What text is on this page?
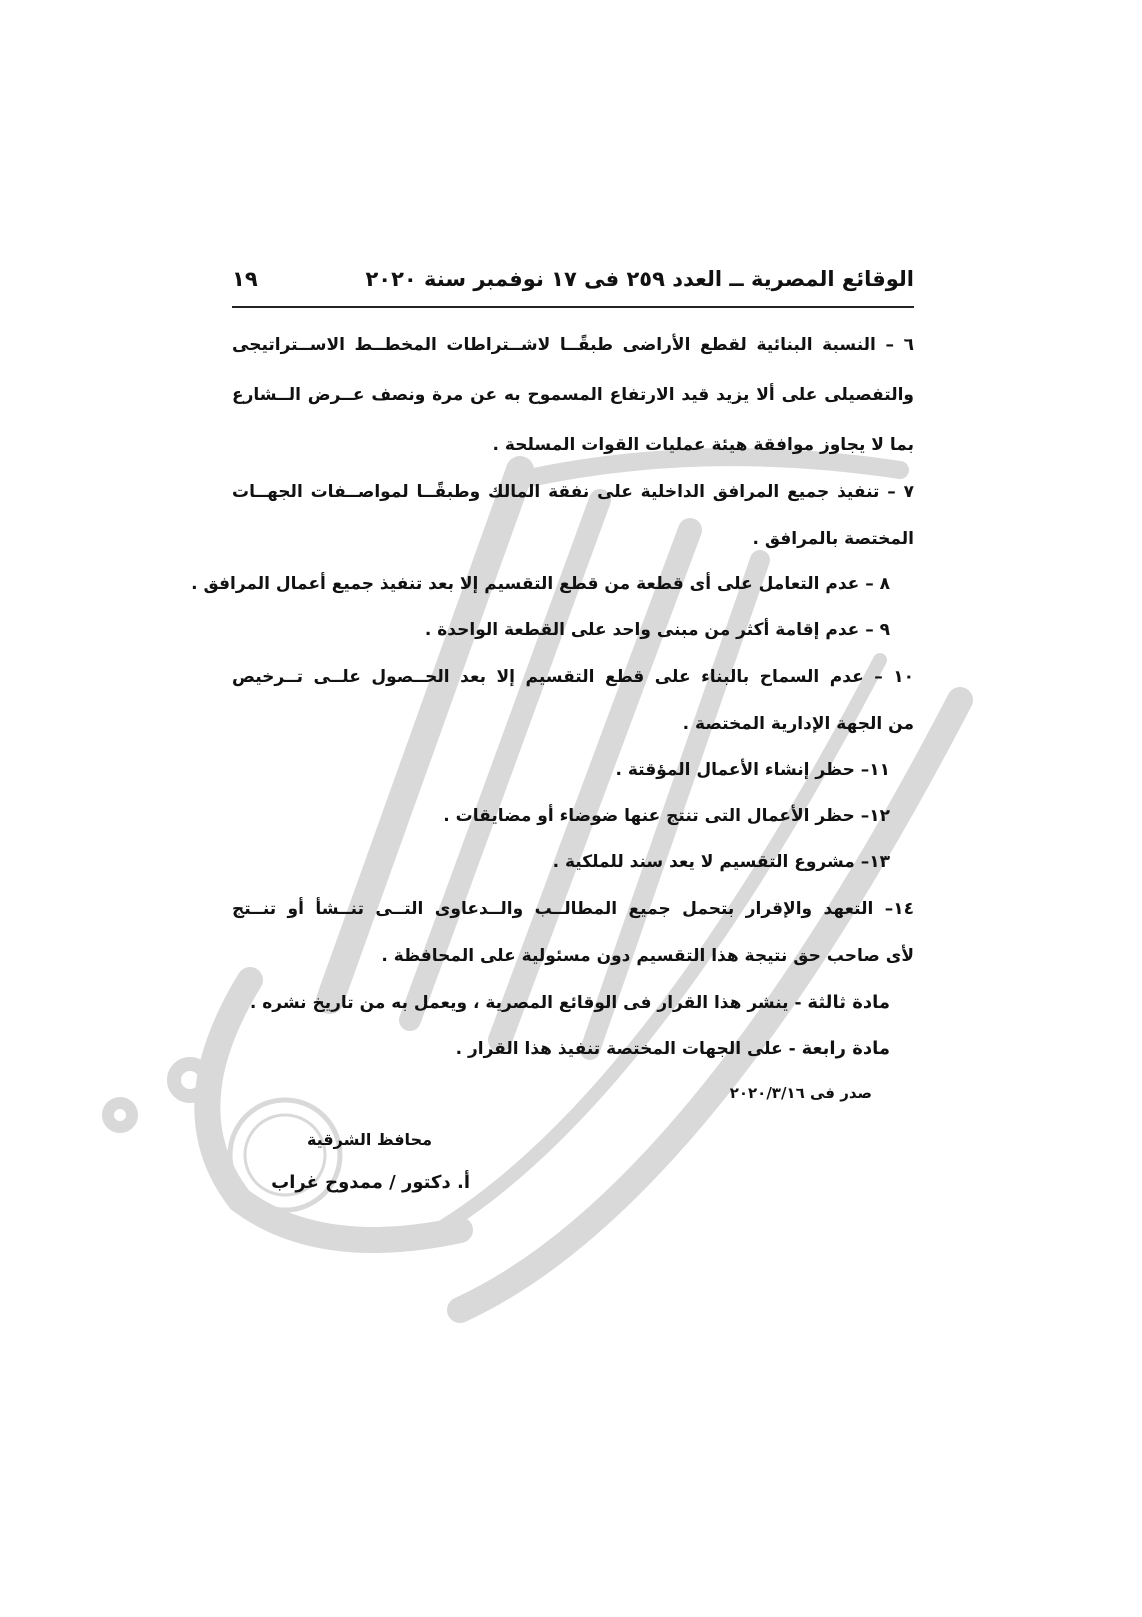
الوقائع المصرية ــ العدد ٢٥٩ فى ١٧ نوفمبر سنة ٢٠٢٠
١٩
٦ – النسبة البنائية لقطع الأراضى طبقًــا لاشــتراطات المخطــط الاســتراتيجى
والتفصيلى على ألا يزيد قيد الارتفاع المسموح به عن مرة ونصف عــرض الــشارع
بما لا يجاوز موافقة هيئة عمليات القوات المسلحة .
٧ – تنفيذ جميع المرافق الداخلية على نفقة المالك وطبقًــا لمواصــفات الجهــات
المختصة بالمرافق .
٨ – عدم التعامل على أى قطعة من قطع التقسيم إلا بعد تنفيذ جميع أعمال المرافق .
٩ – عدم إقامة أكثر من مبنى واحد على القطعة الواحدة .
١٠ – عدم السماح بالبناء على قطع التقسيم إلا بعد الحــصول علــى تــرخيص
من الجهة الإدارية المختصة .
١١– حظر إنشاء الأعمال المؤقتة .
١٢– حظر الأعمال التى تنتج عنها ضوضاء أو مضايقات .
١٣– مشروع التقسيم لا يعد سند للملكية .
١٤– التعهد والإقرار بتحمل جميع المطالــب والــدعاوى التــى تنــشأ أو تنــتج
لأى صاحب حق نتيجة هذا التقسيم دون مسئولية على المحافظة .
مادة ثالثة - ينشر هذا القرار فى الوقائع المصرية ، ويعمل به من تاريخ نشره .
مادة رابعة - على الجهات المختصة تنفيذ هذا القرار .
صدر فى ٢٠٢٠/٣/١٦
محافظ الشرقية
أ. دكتور / ممدوح غراب
